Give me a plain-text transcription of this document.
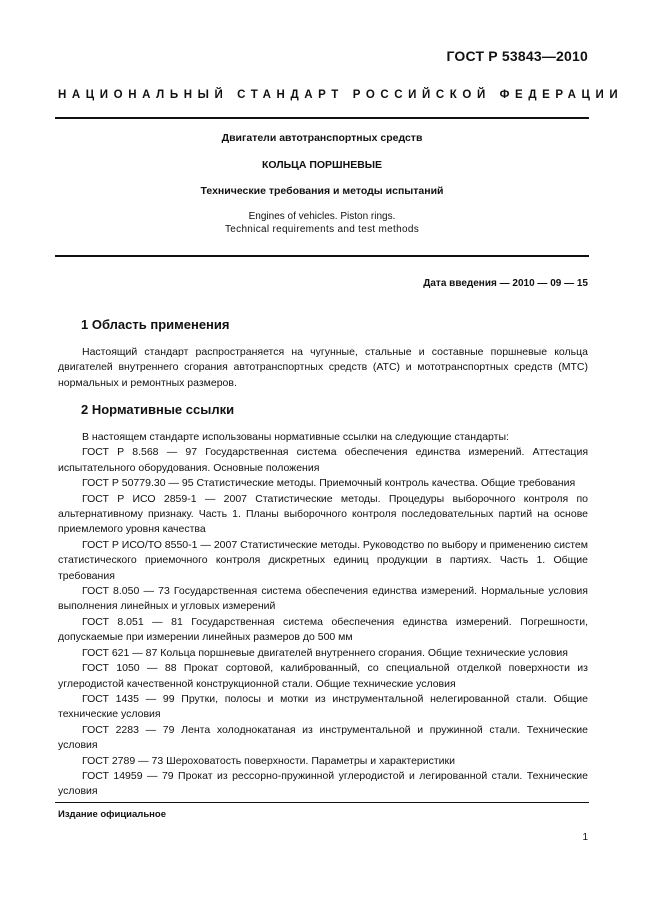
ГОСТ Р 53843—2010
НАЦИОНАЛЬНЫЙ СТАНДАРТ РОССИЙСКОЙ ФЕДЕРАЦИИ
Двигатели автотранспортных средств
КОЛЬЦА ПОРШНЕВЫЕ
Технические требования и методы испытаний
Engines of vehicles. Piston rings.
Technical requirements and test methods
Дата введения — 2010 — 09 — 15
1 Область применения

Настоящий стандарт распространяется на чугунные, стальные и составные поршневые кольца двигателей внутреннего сгорания автотранспортных средств (АТС) и мототранспортных средств (МТС) нормальных и ремонтных размеров.

2 Нормативные ссылки

В настоящем стандарте использованы нормативные ссылки на следующие стандарты:

ГОСТ Р 8.568 — 97 Государственная система обеспечения единства измерений. Аттестация испытательного оборудования. Основные положения

ГОСТ Р 50779.30 — 95 Статистические методы. Приемочный контроль качества. Общие требования

ГОСТ Р ИСО 2859-1 — 2007 Статистические методы. Процедуры выборочного контроля по альтернативному признаку. Часть 1. Планы выборочного контроля последовательных партий на основе приемлемого уровня качества

ГОСТ Р ИСО/ТО 8550-1 — 2007 Статистические методы. Руководство по выбору и применению систем статистического приемочного контроля дискретных единиц продукции в партиях. Часть 1. Общие требования

ГОСТ 8.050 — 73 Государственная система обеспечения единства измерений. Нормальные условия выполнения линейных и угловых измерений

ГОСТ 8.051 — 81 Государственная система обеспечения единства измерений. Погрешности, допускаемые при измерении линейных размеров до 500 мм

ГОСТ 621 — 87 Кольца поршневые двигателей внутреннего сгорания. Общие технические условия

ГОСТ 1050 — 88 Прокат сортовой, калиброванный, со специальной отделкой поверхности из углеродистой качественной конструкционной стали. Общие технические условия

ГОСТ 1435 — 99 Прутки, полосы и мотки из инструментальной нелегированной стали. Общие технические условия

ГОСТ 2283 — 79 Лента холоднокатаная из инструментальной и пружинной стали. Технические условия

ГОСТ 2789 — 73 Шероховатость поверхности. Параметры и характеристики

ГОСТ 14959 — 79 Прокат из рессорно-пружинной углеродистой и легированной стали. Технические условия

Издание официальное
1
